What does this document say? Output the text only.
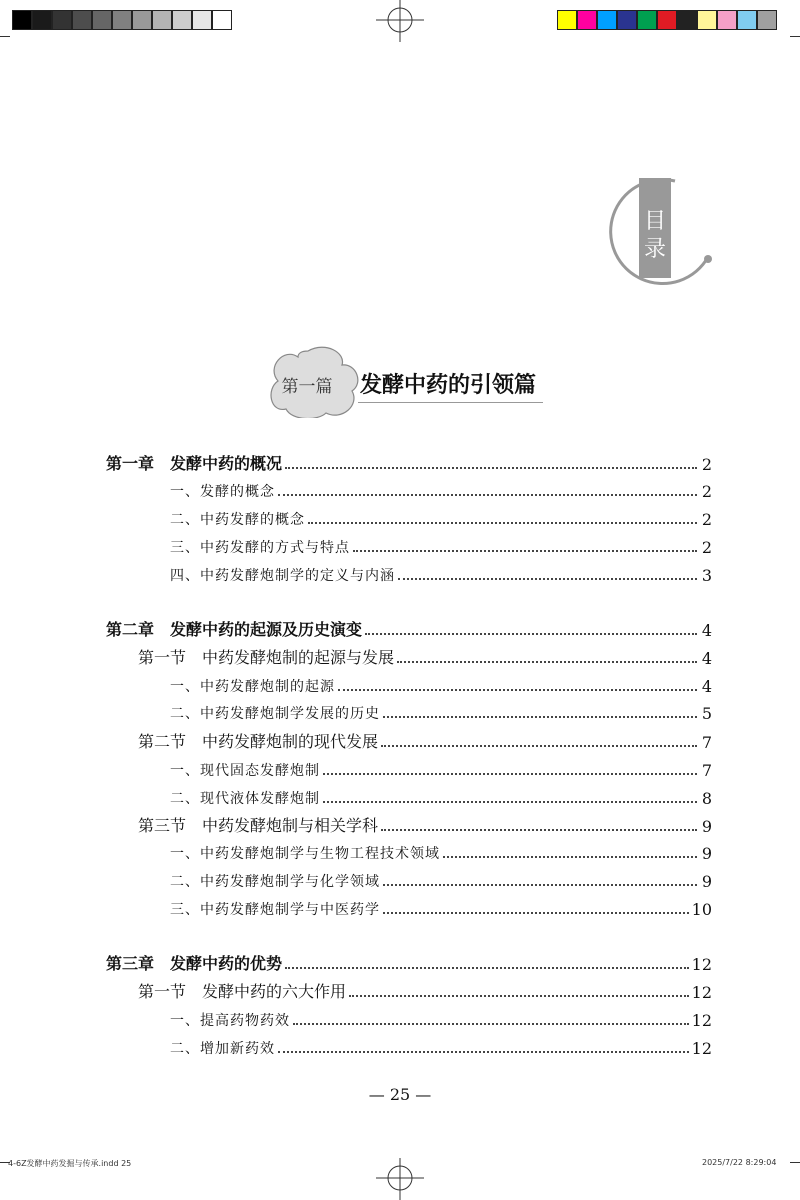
目
录
第一篇	发酵中药的引领篇
第一章　发酵中药的概况	2
一、发酵的概念	2
二、中药发酵的概念	2
三、中药发酵的方式与特点	2
四、中药发酵炮制学的定义与内涵	3
第二章　发酵中药的起源及历史演变	4
第一节　中药发酵炮制的起源与发展	4
一、中药发酵炮制的起源	4
二、中药发酵炮制学发展的历史	5
第二节　中药发酵炮制的现代发展	7
一、现代固态发酵炮制	7
二、现代液体发酵炮制	8
第三节　中药发酵炮制与相关学科	9
一、中药发酵炮制学与生物工程技术领域	9
二、中药发酵炮制学与化学领域	9
三、中药发酵炮制学与中医药学	10
第三章　发酵中药的优势	12
第一节　发酵中药的六大作用	12
一、提高药物药效	12
二、增加新药效	12
— 25 —
4-6Z发酵中药发掘与传承.indd 25	2025/7/22 8:29:04
